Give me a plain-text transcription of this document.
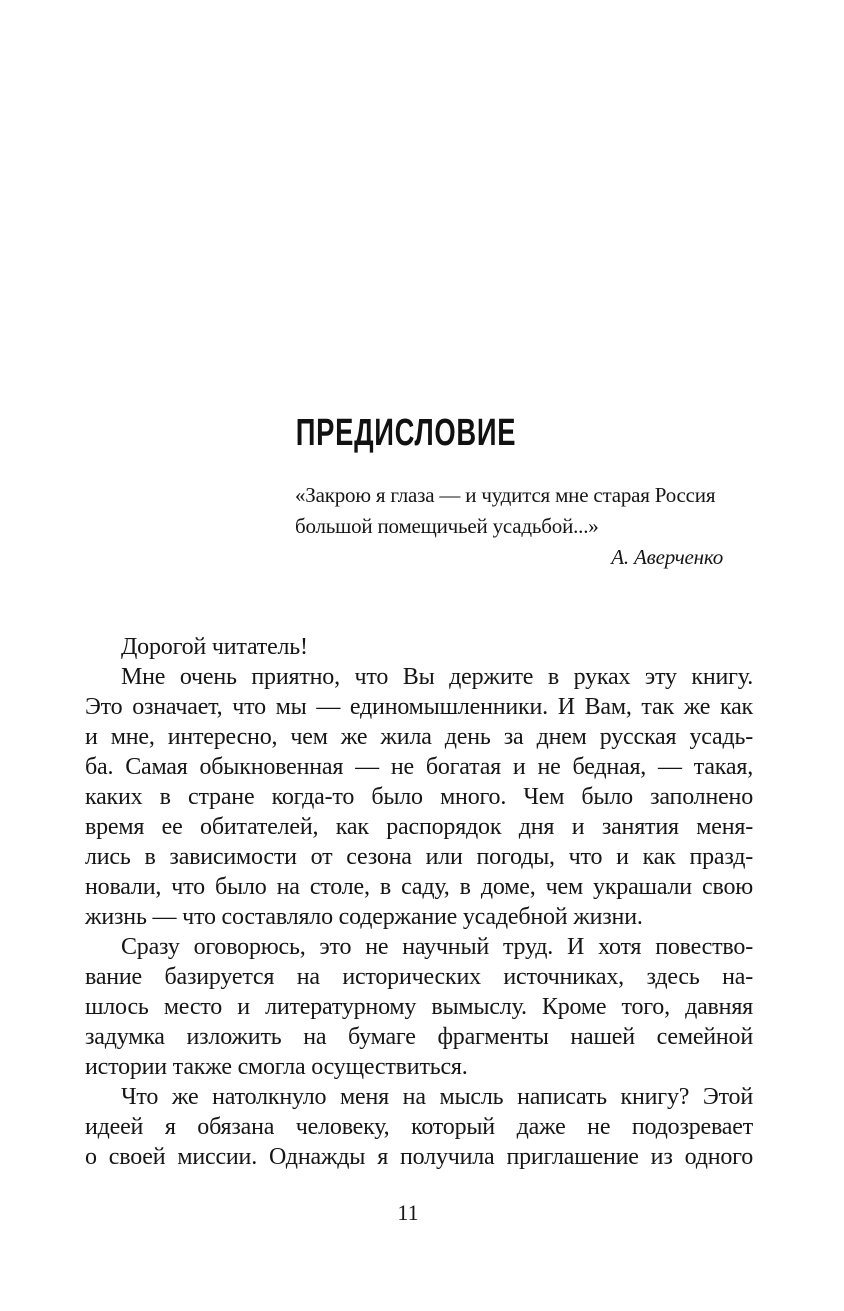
ПРЕДИСЛОВИЕ
«Закрою я глаза — и чудится мне старая Россия
большой помещичьей усадьбой...»
А. Аверченко
Дорогой читатель!
Мне очень приятно, что Вы держите в руках эту книгу.
Это означает, что мы — единомышленники. И Вам, так же как
и мне, интересно, чем же жила день за днем русская усадь-
ба. Самая обыкновенная — не богатая и не бедная, — такая,
каких в стране когда-то было много. Чем было заполнено
время ее обитателей, как распорядок дня и занятия меня-
лись в зависимости от сезона или погоды, что и как празд-
новали, что было на столе, в саду, в доме, чем украшали свою
жизнь — что составляло содержание усадебной жизни.
Сразу оговорюсь, это не научный труд. И хотя повество-
вание базируется на исторических источниках, здесь на-
шлось место и литературному вымыслу. Кроме того, давняя
задумка изложить на бумаге фрагменты нашей семейной
истории также смогла осуществиться.
Что же натолкнуло меня на мысль написать книгу? Этой
идеей я обязана человеку, который даже не подозревает
о своей миссии. Однажды я получила приглашение из одного
11
